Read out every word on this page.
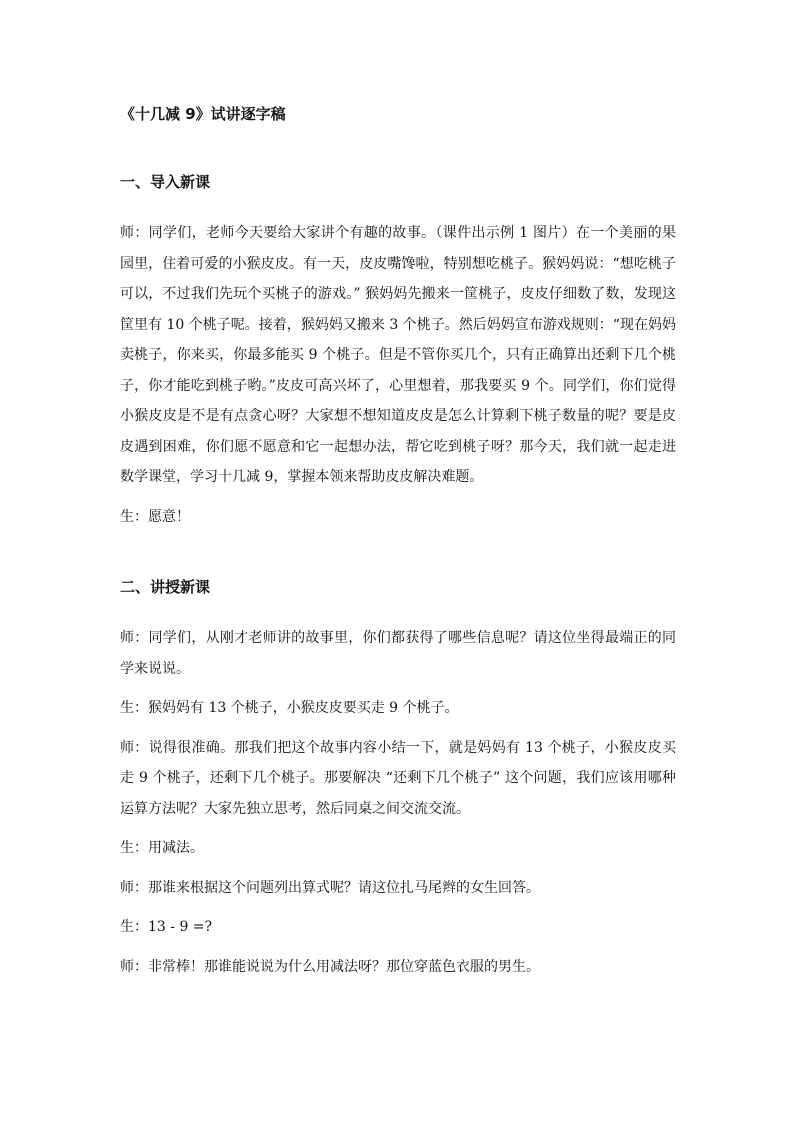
《十几减 9》试讲逐字稿
一、导入新课

师：同学们，老师今天要给大家讲个有趣的故事。（课件出示例 1 图片）在一个美丽的果园里，住着可爱的小猴皮皮。有一天，皮皮嘴馋啦，特别想吃桃子。猴妈妈说：“想吃桃子可以，不过我们先玩个买桃子的游戏。” 猴妈妈先搬来一筐桃子，皮皮仔细数了数，发现这筐里有 10 个桃子呢。接着，猴妈妈又搬来 3 个桃子。然后妈妈宣布游戏规则：“现在妈妈卖桃子，你来买，你最多能买 9 个桃子。但是不管你买几个，只有正确算出还剩下几个桃子，你才能吃到桃子哟。”皮皮可高兴坏了，心里想着，那我要买 9 个。同学们，你们觉得小猴皮皮是不是有点贪心呀？大家想不想知道皮皮是怎么计算剩下桃子数量的呢？要是皮皮遇到困难，你们愿不愿意和它一起想办法，帮它吃到桃子呀？那今天，我们就一起走进数学课堂，学习十几减 9，掌握本领来帮助皮皮解决难题。

生：愿意！

二、讲授新课

师：同学们，从刚才老师讲的故事里，你们都获得了哪些信息呢？请这位坐得最端正的同学来说说。

生：猴妈妈有 13 个桃子，小猴皮皮要买走 9 个桃子。

师：说得很准确。那我们把这个故事内容小结一下，就是妈妈有 13 个桃子，小猴皮皮买走 9 个桃子，还剩下几个桃子。那要解决 “还剩下几个桃子” 这个问题，我们应该用哪种运算方法呢？大家先独立思考，然后同桌之间交流交流。

生：用减法。

师：那谁来根据这个问题列出算式呢？请这位扎马尾辫的女生回答。

生：13 - 9 =?

师：非常棒！那谁能说说为什么用减法呀？那位穿蓝色衣服的男生。
